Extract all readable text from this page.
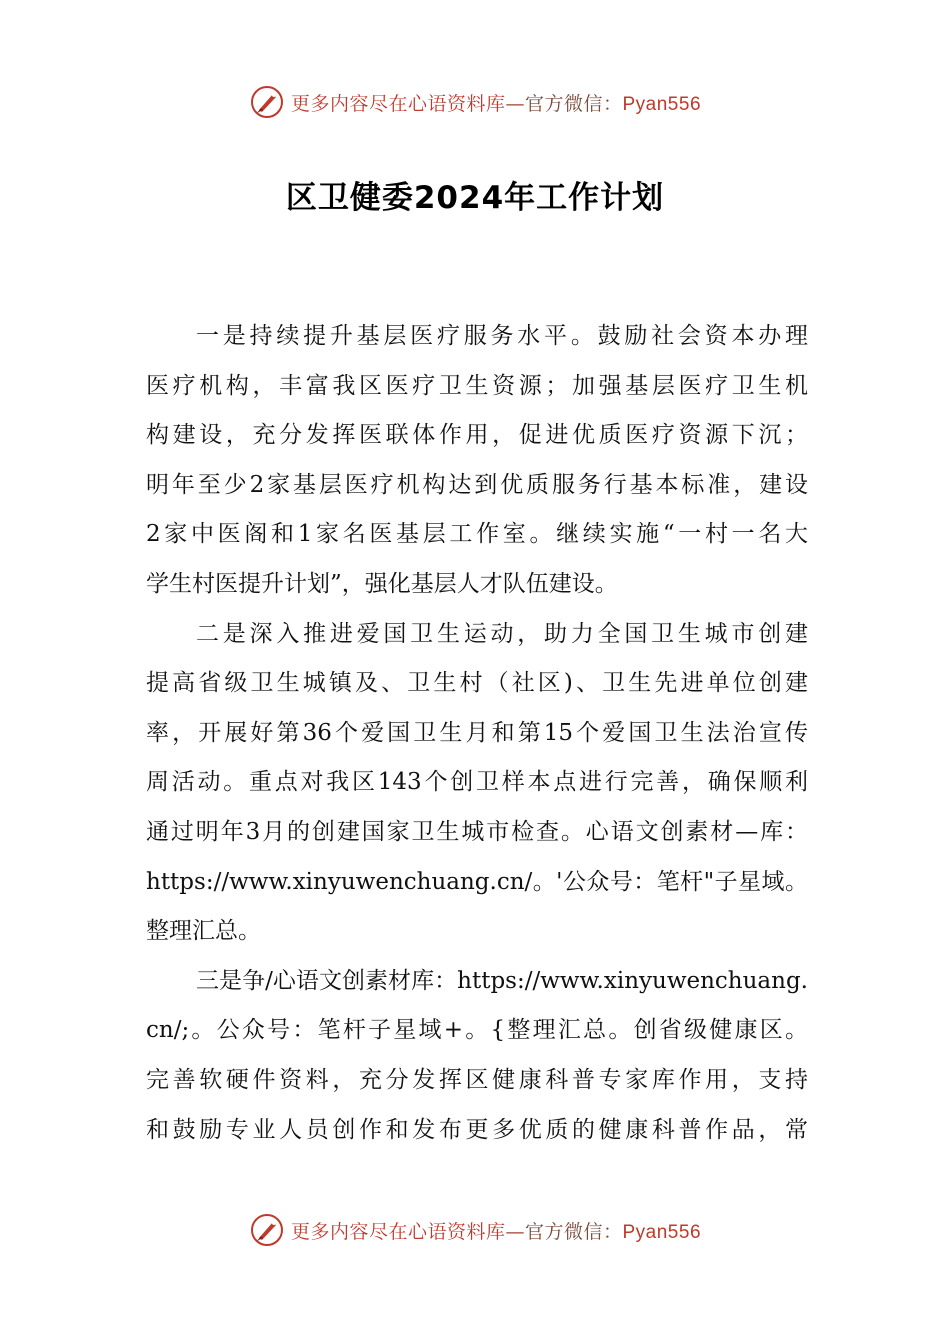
更多内容尽在心语资料库—官方微信：Pyan556
区卫健委2024年工作计划
一是持续提升基层医疗服务水平。鼓励社会资本办理
医疗机构，丰富我区医疗卫生资源；加强基层医疗卫生机
构建设，充分发挥医联体作用，促进优质医疗资源下沉；
明年至少2家基层医疗机构达到优质服务行基本标准，建设
2家中医阁和1家名医基层工作室。继续实施“一村一名大
学生村医提升计划”，强化基层人才队伍建设。
二是深入推进爱国卫生运动，助力全国卫生城市创建
提高省级卫生城镇及、卫生村（社区)、卫生先进单位创建
率，开展好第36个爱国卫生月和第15个爱国卫生法治宣传
周活动。重点对我区143个创卫样本点进行完善，确保顺利
通过明年3月的创建国家卫生城市检查。心语文创素材—库：
https://www.xinyuwenchuang.cn/。'公众号：笔杆"子星域。
整理汇总。
三是争/心语文创素材库：https://www.xinyuwenchuang.
cn/;。公众号：笔杆子星域+。{整理汇总。创省级健康区。
完善软硬件资料，充分发挥区健康科普专家库作用，支持
和鼓励专业人员创作和发布更多优质的健康科普作品，常
更多内容尽在心语资料库—官方微信：Pyan556
